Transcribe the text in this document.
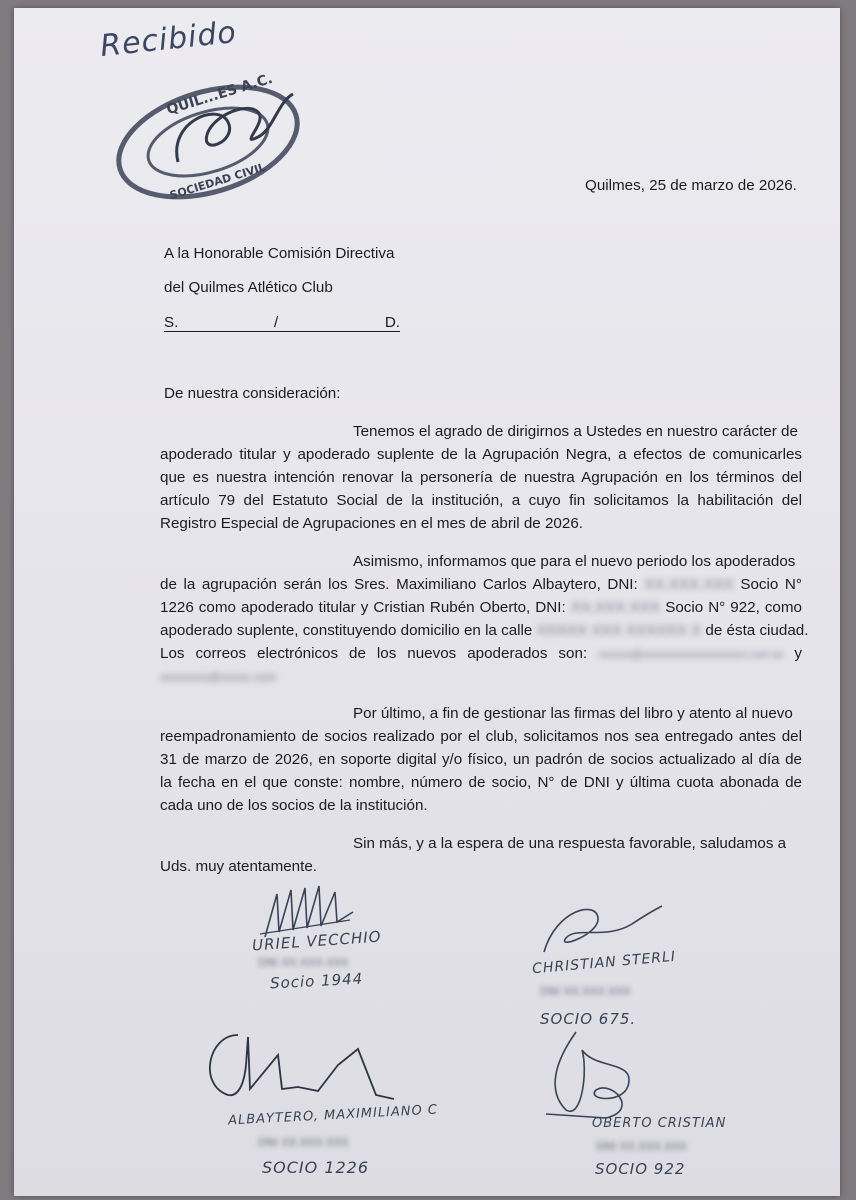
Recibido
QUIL...ES A.C.
SOCIEDAD CIVIL	Quilmes, 25 de marzo de 2026.
A la Honorable Comisión Directiva
del Quilmes Atlético Club
S.	/	D.
De nuestra consideración:
Tenemos el agrado de dirigirnos a Ustedes en nuestro carácter de
apoderado titular y apoderado suplente de la Agrupación Negra, a efectos de comunicarles
que es nuestra intención renovar la personería de nuestra Agrupación en los términos del
artículo 79 del Estatuto Social de la institución, a cuyo fin solicitamos la habilitación del
Registro Especial de Agrupaciones en el mes de abril de 2026.
Asimismo, informamos que para el nuevo periodo los apoderados
de la agrupación serán los Sres. Maximiliano Carlos Albaytero, DNI: XX.XXX.XXX Socio N°
1226 como apoderado titular y Cristian Rubén Oberto, DNI: XX.XXX.XXX Socio N° 922, como
apoderado suplente, constituyendo domicilio en la calle XXXXX XXX XXXXXX X de ésta ciudad.
Los correos electrónicos de los nuevos apoderados son: xxxxxx@xxxxxxxxxxxxxxxxxxx.com.ar y
xxxxxxxx@xxxxx.com
Por último, a fin de gestionar las firmas del libro y atento al nuevo
reempadronamiento de socios realizado por el club, solicitamos nos sea entregado antes del
31 de marzo de 2026, en soporte digital y/o físico, un padrón de socios actualizado al día de
la fecha en el que conste: nombre, número de socio, N° de DNI y última cuota abonada de
cada uno de los socios de la institución.
Sin más, y a la espera de una respuesta favorable, saludamos a
Uds. muy atentamente.
URIEL VECCHIO
DNI XX.XXX.XXX
Socio 1944
CHRISTIAN STERLI
DNI XX.XXX.XXX
SOCIO 675.
ALBAYTERO, MAXIMILIANO C
DNI XX.XXX.XXX
SOCIO 1226
OBERTO CRISTIAN
DNI XX.XXX.XXX
SOCIO 922
